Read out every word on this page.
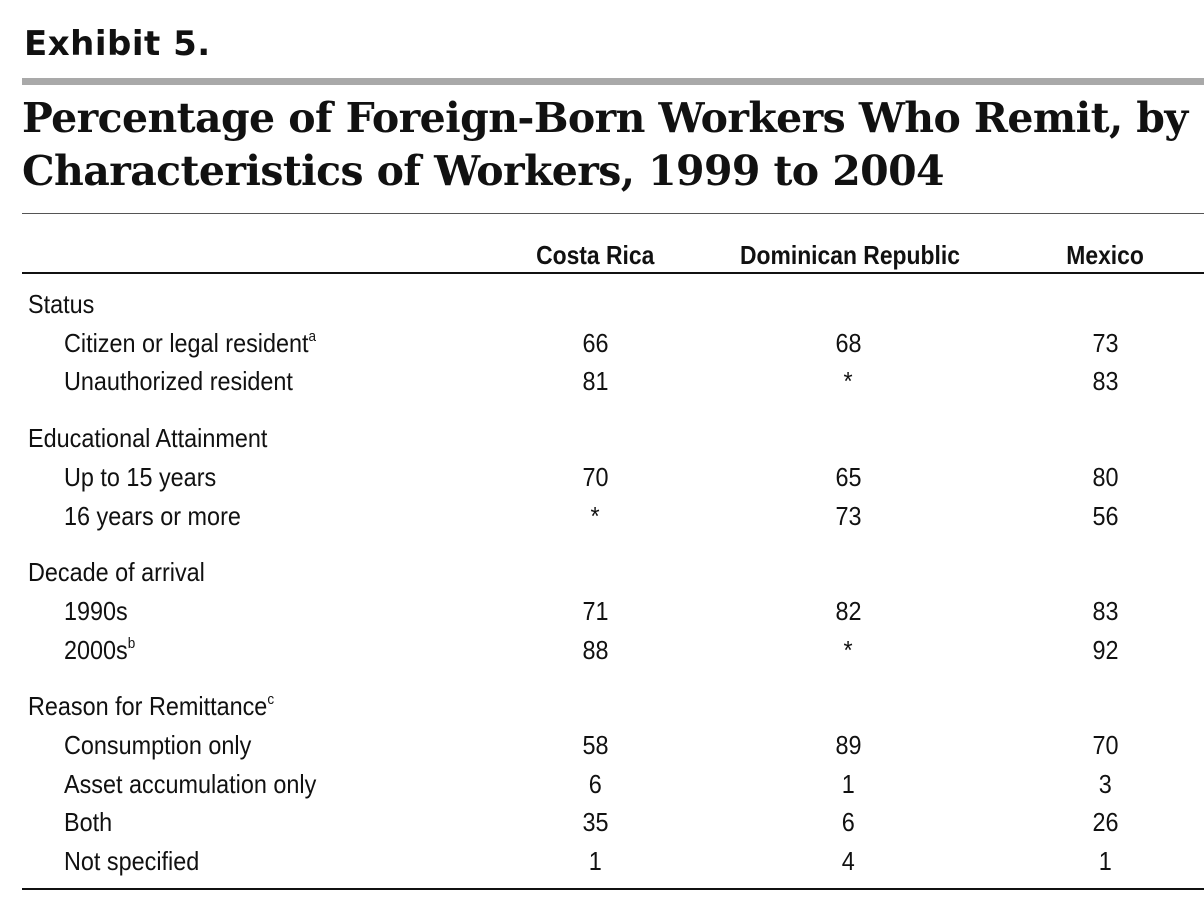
Exhibit 5.
Percentage of Foreign-Born Workers Who Remit, by Characteristics of Workers, 1999 to 2004
Costa Rica	Dominican Republic	Mexico
Status
Citizen or legal resident$^a$	66	68	73
Unauthorized resident	81	*	83
Educational Attainment
Up to 15 years	70	65	80
16 years or more	*	73	56
Decade of arrival
1990s	71	82	83
$2000s^b$	88	*	92
Reason for Remittance$^c$
Consumption only	58	89	70
Asset accumulation only	6	1	3
Both	35	6	26
Not specified	1	4	1
